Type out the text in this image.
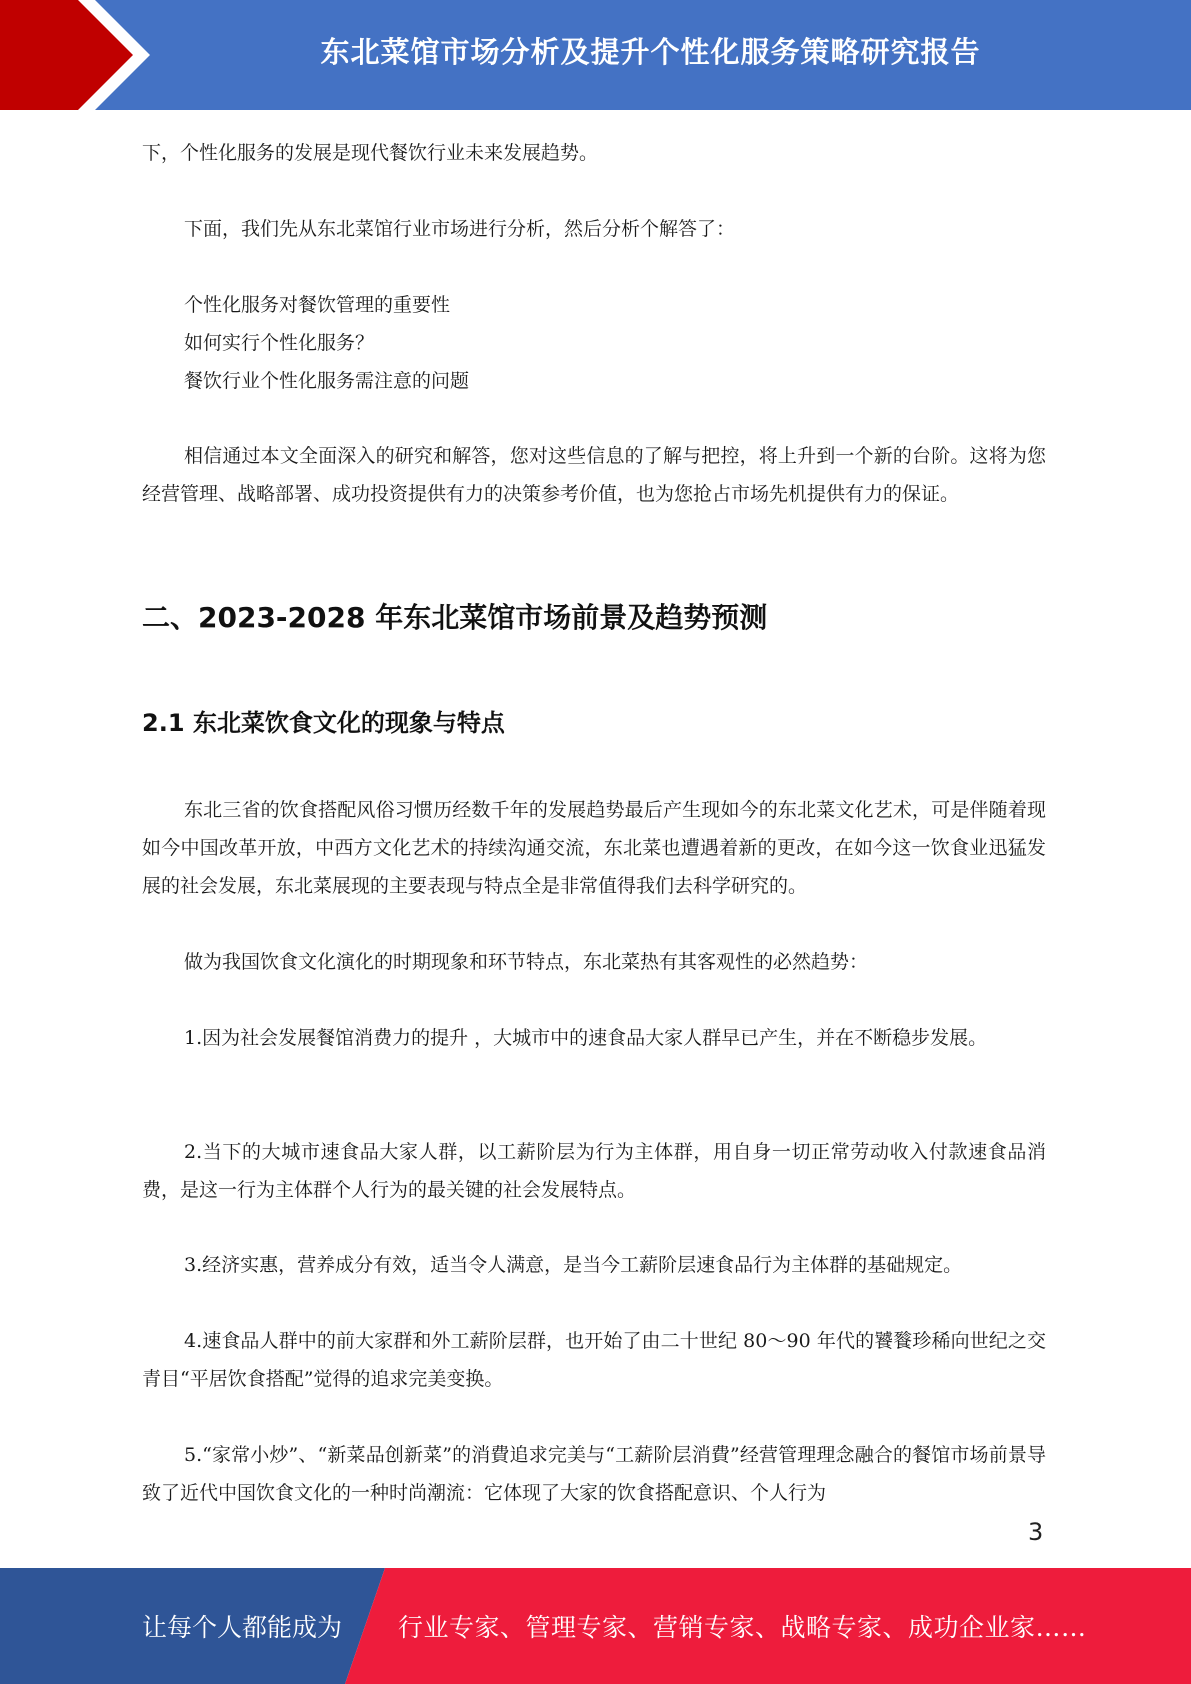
东北菜馆市场分析及提升个性化服务策略研究报告
下，个性化服务的发展是现代餐饮行业未来发展趋势。
下面，我们先从东北菜馆行业市场进行分析，然后分析个解答了：
个性化服务对餐饮管理的重要性
如何实行个性化服务？
餐饮行业个性化服务需注意的问题
相信通过本文全面深入的研究和解答，您对这些信息的了解与把控，将上升到一个新的台阶。这将为您经营管理、战略部署、成功投资提供有力的决策参考价值，也为您抢占市场先机提供有力的保证。
二、2023-2028 年东北菜馆市场前景及趋势预测
2.1 东北菜饮食文化的现象与特点
东北三省的饮食搭配风俗习惯历经数千年的发展趋势最后产生现如今的东北菜文化艺术，可是伴随着现如今中国改革开放，中西方文化艺术的持续沟通交流，东北菜也遭遇着新的更改，在如今这一饮食业迅猛发展的社会发展，东北菜展现的主要表现与特点全是非常值得我们去科学研究的。
做为我国饮食文化演化的时期现象和环节特点，东北菜热有其客观性的必然趋势：
1.因为社会发展餐馆消费力的提升 ，大城市中的速食品大家人群早已产生，并在不断稳步发展。
2.当下的大城市速食品大家人群，以工薪阶层为行为主体群，用自身一切正常劳动收入付款速食品消费，是这一行为主体群个人行为的最关键的社会发展特点。
3.经济实惠，营养成分有效，适当令人满意，是当今工薪阶层速食品行为主体群的基础规定。
4.速食品人群中的前大家群和外工薪阶层群，也开始了由二十世纪 80～90 年代的饕餮珍稀向世纪之交青目“平居饮食搭配”觉得的追求完美变换。
5.“家常小炒”、“新菜品创新菜”的消費追求完美与“工薪阶层消費”经营管理理念融合的餐馆市场前景导致了近代中国饮食文化的一种时尚潮流：它体现了大家的饮食搭配意识、个人行为
3
让每个人都能成为 行业专家、管理专家、营销专家、战略专家、成功企业家……
